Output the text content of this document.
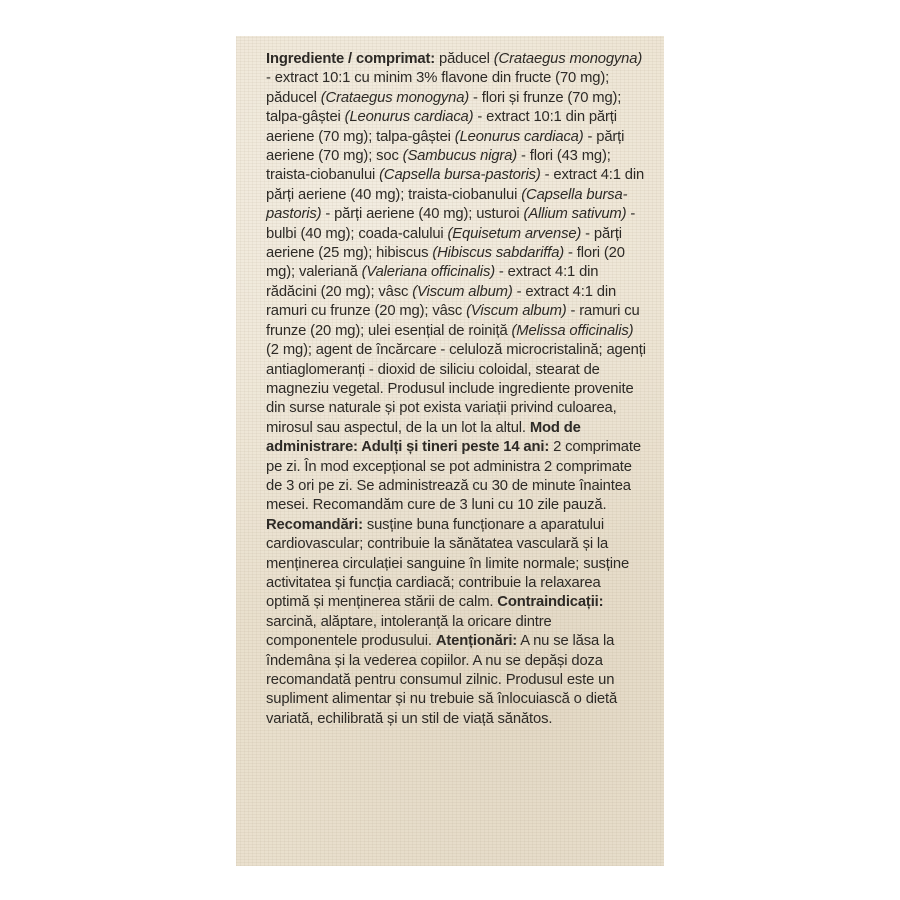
Ingrediente / comprimat: păducel (Crataegus monogyna) - extract 10:1 cu minim 3% flavone din fructe (70 mg); păducel (Crataegus monogyna) - flori și frunze (70 mg); talpa-gâștei (Leonurus cardiaca) - extract 10:1 din părți aeriene (70 mg); talpa-gâștei (Leonurus cardiaca) - părți aeriene (70 mg); soc (Sambucus nigra) - flori (43 mg); traista-ciobanului (Capsella bursa-pastoris) - extract 4:1 din părți aeriene (40 mg); traista-ciobanului (Capsella bursa-pastoris) - părți aeriene (40 mg); usturoi (Allium sativum) - bulbi (40 mg); coada-calului (Equisetum arvense) - părți aeriene (25 mg); hibiscus (Hibiscus sabdariffa) - flori (20 mg); valeriană (Valeriana officinalis) - extract 4:1 din rădăcini (20 mg); vâsc (Viscum album) - extract 4:1 din ramuri cu frunze (20 mg); vâsc (Viscum album) - ramuri cu frunze (20 mg); ulei esențial de roiniță (Melissa officinalis) (2 mg); agent de încărcare - celuloză microcristalină; agenți antiaglomeranți - dioxid de siliciu coloidal, stearat de magneziu vegetal. Produsul include ingrediente provenite din surse naturale și pot exista variații privind culoarea, mirosul sau aspectul, de la un lot la altul. Mod de administrare: Adulți și tineri peste 14 ani: 2 comprimate pe zi. În mod excepțional se pot administra 2 comprimate de 3 ori pe zi. Se administrează cu 30 de minute înaintea mesei. Recomandăm cure de 3 luni cu 10 zile pauză. Recomandări: susține buna funcționare a aparatului cardiovascular; contribuie la sănătatea vasculară și la menținerea circulației sanguine în limite normale; susține activitatea și funcția cardiacă; contribuie la relaxarea optimă și menținerea stării de calm. Contraindicații: sarcină, alăptare, intoleranță la oricare dintre componentele produsului. Atenționări: A nu se lăsa la îndemâna și la vederea copiilor. A nu se depăși doza recomandată pentru consumul zilnic. Produsul este un supliment alimentar și nu trebuie să înlocuiască o dietă variată, echilibrată și un stil de viață sănătos.
